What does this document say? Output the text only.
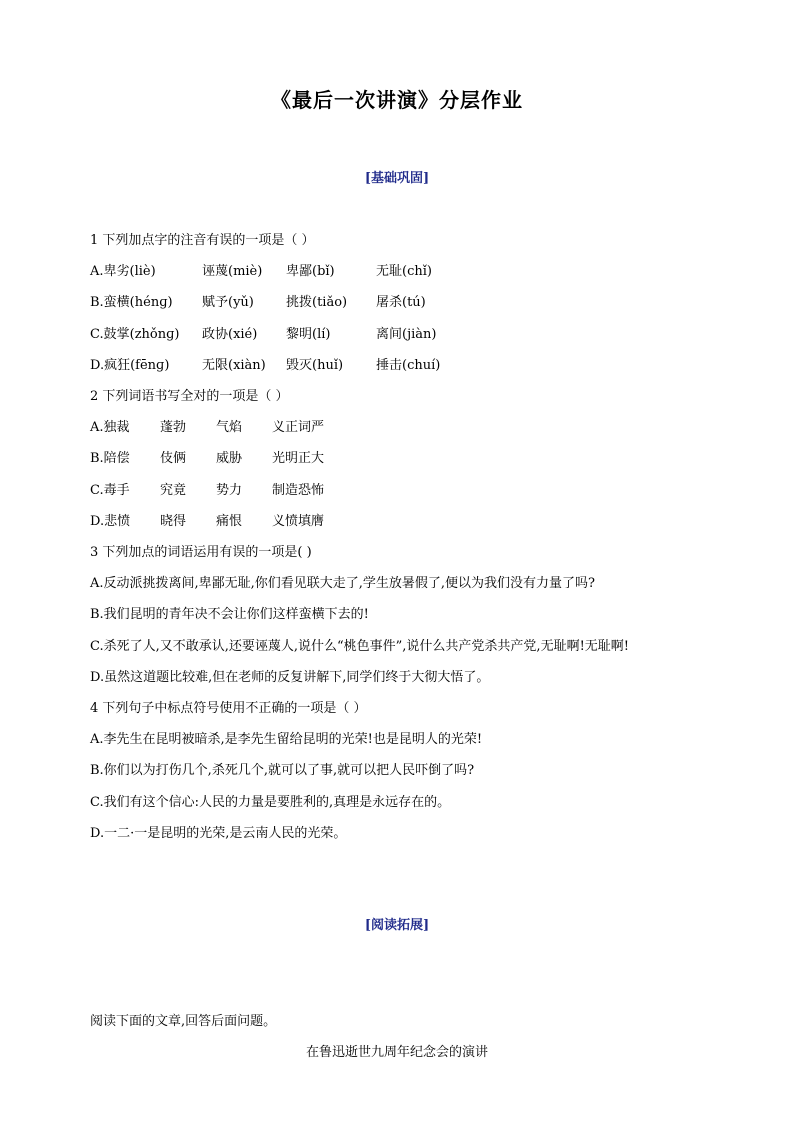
《最后一次讲演》分层作业
[基础巩固]
1 下列加点字的注音有误的一项是（ ）
A.卑劣(liè)	诬蔑(miè) 卑鄙(bǐ)	无耻(chǐ)
B.蛮横(hénɡ) 赋予(yǔ) 挑拨(tiǎo) 屠杀(tú)
C.鼓掌(zhǒnɡ) 政协(xié) 黎明(lí)	离间(jiàn)
D.疯狂(fēnɡ)	无限(xiàn) 毁灭(huǐ)	捶击(chuí)
2 下列词语书写全对的一项是（ ）
A.独裁 蓬勃 气焰 义正词严
B.陪偿 伎俩 威胁 光明正大
C.毒手 究竟 势力 制造恐怖
D.悲愤 晓得 痛恨 义愤填膺
3 下列加点的词语运用有误的一项是( )
A.反动派挑拨离间,卑鄙无耻,你们看见联大走了,学生放暑假了,便以为我们没有力量了吗?
B.我们昆明的青年决不会让你们这样蛮横下去的!
C.杀死了人,又不敢承认,还要诬蔑人,说什么“桃色事件”,说什么共产党杀共产党,无耻啊!无耻啊!
D.虽然这道题比较难,但在老师的反复讲解下,同学们终于大彻大悟了。
4 下列句子中标点符号使用不正确的一项是（ ）
A.李先生在昆明被暗杀,是李先生留给昆明的光荣!也是昆明人的光荣!
B.你们以为打伤几个,杀死几个,就可以了事,就可以把人民吓倒了吗?
C.我们有这个信心:人民的力量是要胜利的,真理是永远存在的。
D.一二·一是昆明的光荣,是云南人民的光荣。
[阅读拓展]
阅读下面的文章,回答后面问题。
在鲁迅逝世九周年纪念会的演讲
